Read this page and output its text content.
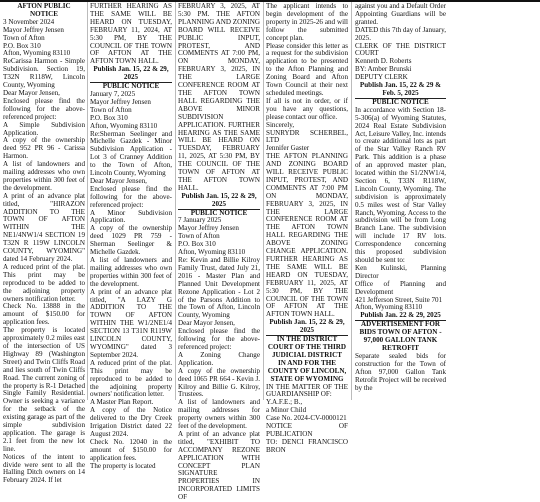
AFTON PUBLIC NOTICE
3 November 2024
Mayor Jeffrey Jensen
Town of Afton
P.O. Box 310
Afton, Wyoming 83110
ReCarissa Harmon - Simple Subdivision. Section 19, T32N R118W, Lincoln County, Wyoming
Dear Mayor Jensen,
Enclosed please find the following for the above-referenced project:
A Simple Subdivision Application.
A copy of the ownership deed 952 PR 96 - Carissa Harmon.
A list of landowners and mailing addresses who own properties within 300 feet of the development.
A print of an advance plat titled, "HIRAZON ADDITION TO THE TOWN OF AFTON WITHIN THE NE1/4NW1/4 SECTION 19 T32N R 119W LINCOLN COUNTY, WYOMING" dated 14 February 2024.
A reduced print of the plat. This print may be reproduced to be added to the adjoining property owners notification letter.
Check No. 13888 in the amount of $150.00 for application fees.
The property is located approximately 0.2 miles east of the intersection of US Highway 89 (Washington Street) and Twin Cliffs Road and lies south of Twin Cliffs Road. The current zoning of the property is R-1 Detached Single Family Residential. Owner is seeking a variance for the setback of the existing garage as part of the simple subdivision application. The garage is 2.1 feet from the new lot line.
Notices of the intent to divide were sent to all the Halling Ditch owners on 14 February 2024. If let
FURTHER HEARING AS THE SAME WILL BE HEARD ON TUESDAY, FEBRUARY 11, 2024, AT 5:30 PM, BY THE COUNCIL OF THE TOWN OF AFTON AT THE AFTON TOWN HALL.
Publish Jan. 15, 22 & 29, 2025
PUBLIC NOTICE
January 7, 2025
Mayor Jeffrey Jensen
Town of Afton
P.O. Box 310
Afton, Wyoming 83110
Re:Sherman Seelinger and Michelle Gazdek - Minor Subdivision Application - Lot 3 of Cranney Addition to the Town of Afton, Lincoln County, Wyoming
Dear Mayor Jensen,
Enclosed please find the following for the above-referenced project:
A Minor Subdivision Application.
A copy of the ownership deed 1029 PR 759 - Sherman Seelinger & Michelle Gazdek.
A list of landowners and mailing addresses who own properties within 300 feet of the development.
A print of an advance plat titled, "A LAZY G ADDITION TO THE TOWN OF AFTON WITHIN THE W1/2NE1/4 SECTION 13 T31N R119W LINCOLN COUNTY, WYOMING" dated 3 September 2024.
A reduced print of the plat. This print may be reproduced to be added to the adjoining property owners' notification letter.
A Master Plan Report.
A copy of the Notice delivered to the Dry Creek Irrigation District dated 22 August 2024.
Check No. 12040 in the amount of $150.00 for application fees.
The property is located
FEBRUARY 3, 2025, AT 5:30 PM. THE AFTON PLANNING AND ZONING BOARD WILL RECEIVE PUBLIC INPUT, PROTEST, AND COMMENTS AT 7:00 PM, ON MONDAY, FEBRUARY 3, 2025, IN THE LARGE CONFERENCE ROOM AT THE AFTON TOWN HALL REGARDING THE ABOVE MINOR SUBDIVISION APPLICATION. FURTHER HEARING AS THE SAME WILL BE HEARD ON TUESDAY, FEBRUARY 11, 2025, AT 5:30 PM, BY THE COUNCIL OF THE TOWN OF AFTON AT THE AFTON TOWN HALL.
Publish Jan. 15, 22 & 29, 2025
PUBLIC NOTICE
7 January 2025
Mayor Jeffrey Jensen
Town of Afton
P.O. Box 310
Afton, Wyoming 83110
Re: Kevin and Billie Kilroy Family Trust, dated July 21, 2016 - Master Plan and Planned Unit Development Rezone Application - Lot 2 of the Parsons Addition to the Town of Afton, Lincoln County, Wyoming
Dear Mayor Jensen,
Enclosed please find the following for the above-referenced project:
A Zoning Change Application.
A copy of the ownership deed 1065 PR 664 - Kevin J. Kilroy and Billie G. Kilroy, Trustees.
A list of landowners and mailing addresses for property owners within 300 feet of the development.
A print of an advance plat titled, "EXHIBIT TO ACCOMPANY REZONE APPLICATION WITH CONCEPT PLAN SIGNATURE PROPERTIES IN INCORPORATED LIMITS OF
The applicant intends to begin development of the property in 2025-26 and will follow the submitted concept plan.
Please consider this letter as a request for the subdivision application to be presented to the Afton Planning and Zoning Board and Afton Town Council at their next scheduled meetings.
If all is not in order, or if you have any questions, please contact our office.
Sincerely,
SUNRYDR SCHERBEL, LTD
Jennifer Gaster
THE AFTON PLANNING AND ZONING BOARD WILL RECEIVE PUBLIC INPUT, PROTEST, AND COMMENTS AT 7:00 PM ON MONDAY, FEBRUARY 3, 2025, IN THE LARGE CONFERENCE ROOM AT THE AFTON TOWN HALL REGARDING THE ABOVE ZONING CHANGE APPLICATION. FURTHER HEARING AS THE SAME WILL BE HEARD ON TUESDAY, FEBRUARY 11, 2025, AT 5:30 PM, BY THE COUNCIL OF THE TOWN OF AFTON AT THE AFTON TOWN HALL.
Publish Jan. 15, 22 & 29, 2025
IN THE DISTRICT COURT OF THE THIRD JUDICIAL DISTRICT
IN AND FOR THE COUNTY OF LINCOLN, STATE OF WYOMING
IN THE MATTER OF THE GUARDIANSHIP OF:
Y.A.F.E.; B.,
a Minor Child
Case No. 2024-CV-0000121
NOTICE OF PUBLICATION
TO: DENCI FRANCISCO BRON
against you and a Default Order Appointing Guardians will be granted.
DATED this 7th day of January, 2025.
CLERK OF THE DISTRICT COURT
Kenneth D. Roberts
BY: Amber Brunski
DEPUTY CLERK
Publish Jan. 15, 22 & 29 & Feb. 5, 2025
PUBLIC NOTICE
In accordance with Section 18-5-306(a) of Wyoming Statutes, 2024 Real Estate Subdivision Act, Leisure Valley, Inc. intends to create additional lots as part of the Star Valley Ranch RV Park. This addition is a phase of an approved master plan, located within the S1/2NW1/4, Section 6, T33N R118W, Lincoln County, Wyoming. The subdivision is approximately 0.5 miles west of Star Valley Ranch, Wyoming. Access to the subdivision will be from Long Branch Lane. The subdivision will include 17 RV lots. Correspondence concerning this proposed subdivision should be sent to:
Ken Kulinski, Planning Director
Office of Planning and Development
421 Jefferson Street, Suite 701
Afton, Wyoming 83110
Publish Jan. 22 & 29, 2025
ADVERTISEMENT FOR BIDS TOWN OF AFTON - 97,000 GALLON TANK RETROFIT
Separate sealed bids for construction for the Town of Afton 97,000 Gallon Tank Retrofit Project will be received by the
